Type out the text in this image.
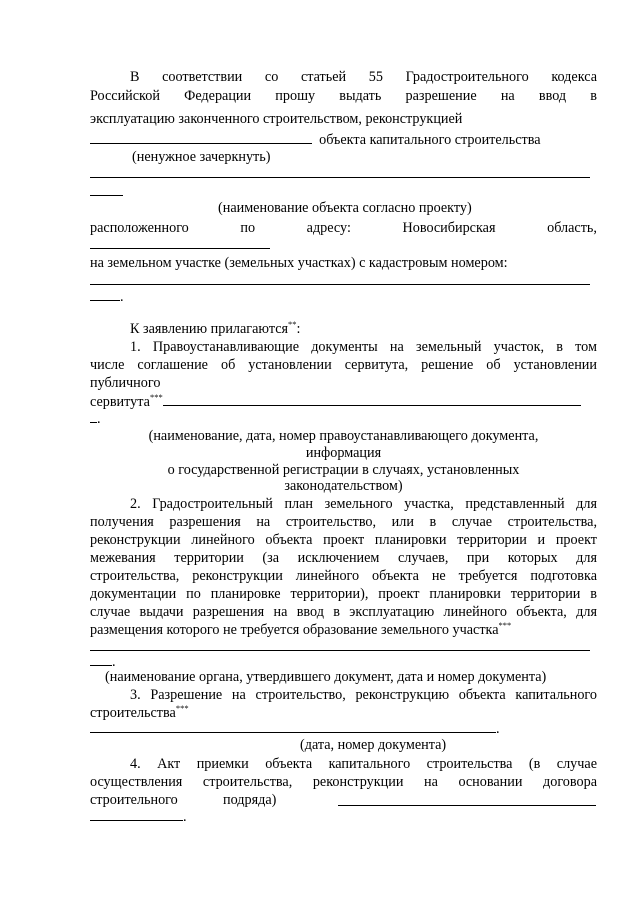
В соответствии со статьей 55 Градостроительного кодекса
Российской Федерации прошу выдать разрешение на ввод в
эксплуатацию законченного строительством, реконструкцией
объекта капитального строительства
(ненужное зачеркнуть)
(наименование объекта согласно проекту)
расположенного	по	адресу:	Новосибирская	область,
на земельном участке (земельных участках) с кадастровым номером:
.
К заявлению прилагаются**:
1. Правоустанавливающие документы на земельный участок, в том
числе соглашение об установлении сервитута, решение об установлении
публичного
сервитута***
.
(наименование, дата, номер правоустанавливающего документа,
информация
о государственной регистрации в случаях, установленных
законодательством)
2. Градостроительный план земельного участка, представленный для
получения разрешения на строительство, или в случае строительства,
реконструкции линейного объекта проект планировки территории и проект
межевания территории (за исключением случаев, при которых для
строительства, реконструкции линейного объекта не требуется подготовка
документации по планировке территории), проект планировки территории в
случае выдачи разрешения на ввод в эксплуатацию линейного объекта, для
размещения которого не требуется образование земельного участка***
.
(наименование органа, утвердившего документ, дата и номер документа)
3. Разрешение на строительство, реконструкцию объекта капитального
строительства***
.
(дата, номер документа)
4. Акт приемки объекта капитального строительства (в случае
осуществления строительства, реконструкции на основании договора
строительного	подряда)
.
